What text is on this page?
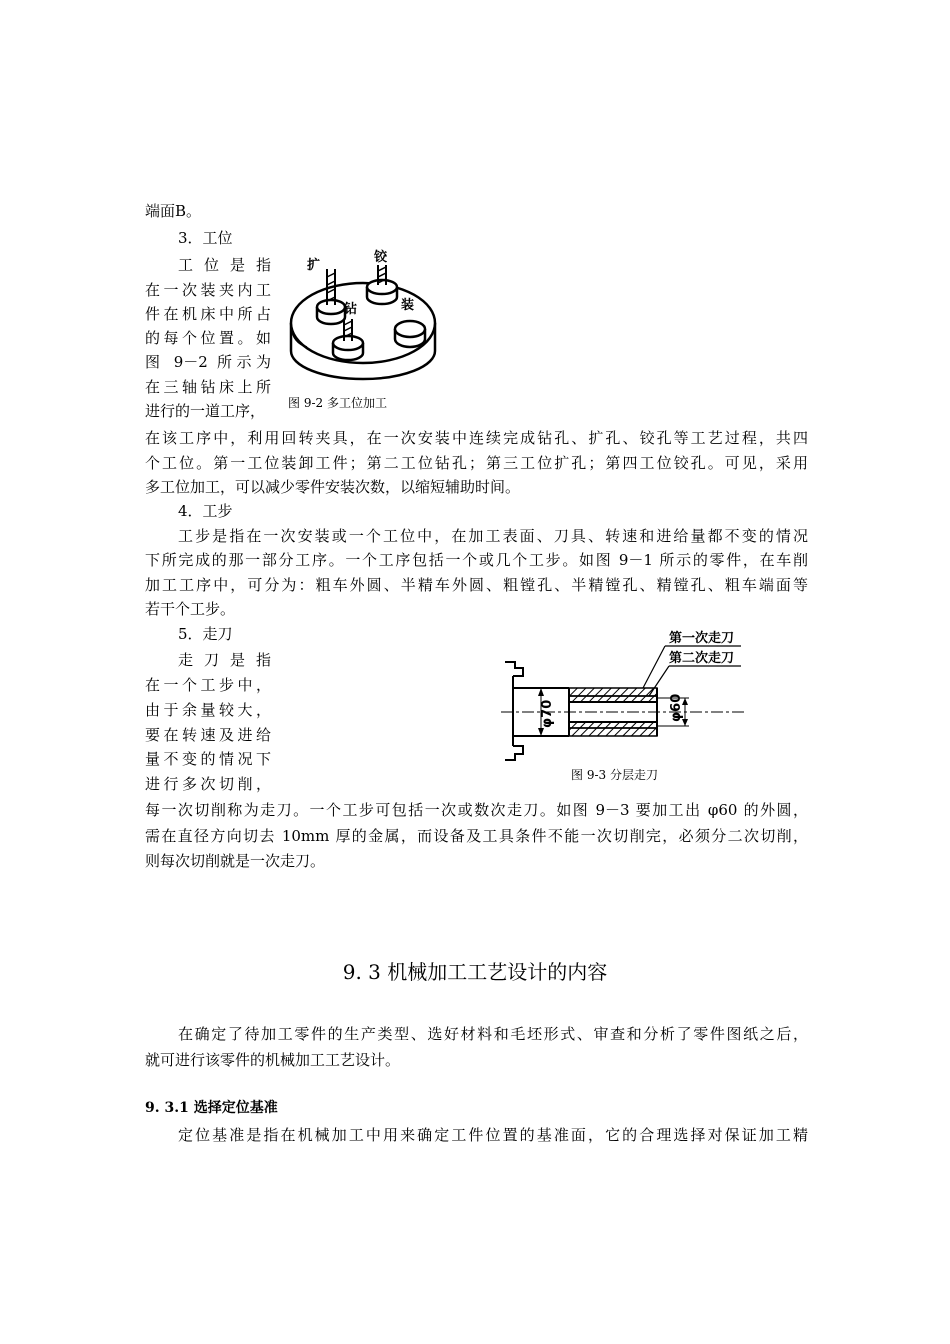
端面B。
3．工位
工 位 是 指
在一次装夹内工
件在机床中所占
的每个位置。如
图 9－2 所示为
在三轴钻床上所
进行的一道工序，
扩
铰
钻	装
图 9-2 多工位加工
在该工序中，利用回转夹具，在一次安装中连续完成钻孔、扩孔、铰孔等工艺过程，共四
个工位。第一工位装卸工件；第二工位钻孔；第三工位扩孔；第四工位铰孔。可见，采用
多工位加工，可以减少零件安装次数，以缩短辅助时间。
4．工步
工步是指在一次安装或一个工位中，在加工表面、刀具、转速和进给量都不变的情况
下所完成的那一部分工序。一个工序包括一个或几个工步。如图 9－1 所示的零件，在车削
加工工序中，可分为：粗车外圆、半精车外圆、粗镗孔、半精镗孔、精镗孔、粗车端面等
若干个工步。
5．走刀
走 刀 是 指
在一个工步中，
由于余量较大，
要在转速及进给
量不变的情况下
进行多次切削，
第一次走刀
第二次走刀
φ70	φ60
图 9-3 分层走刀
每一次切削称为走刀。一个工步可包括一次或数次走刀。如图 9－3 要加工出 φ60 的外圆，
需在直径方向切去 10mm 厚的金属，而设备及工具条件不能一次切削完，必须分二次切削，
则每次切削就是一次走刀。
9. 3 机械加工工艺设计的内容
在确定了待加工零件的生产类型、选好材料和毛坯形式、审查和分析了零件图纸之后，
就可进行该零件的机械加工工艺设计。
9. 3.1 选择定位基准
定位基准是指在机械加工中用来确定工件位置的基准面，它的合理选择对保证加工精
